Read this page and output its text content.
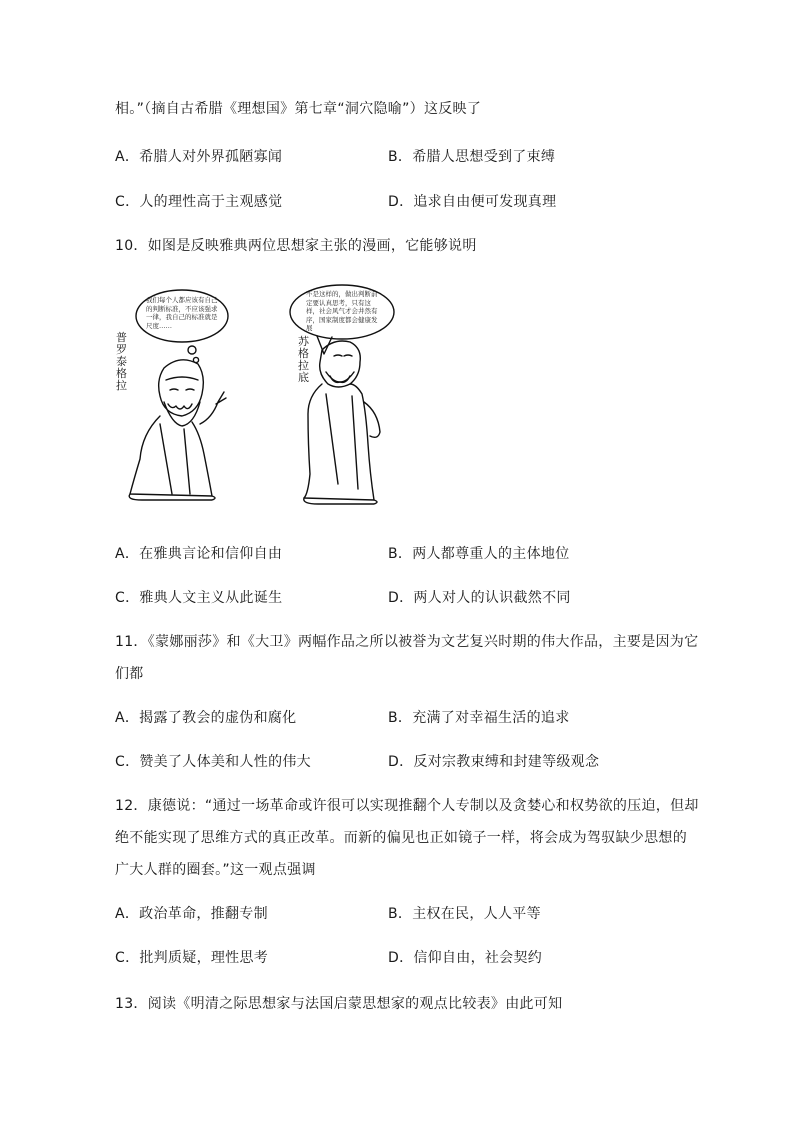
相。”（摘自古希腊《理想国》第七章“洞穴隐喻”）这反映了
A．希腊人对外界孤陋寡闻	B．希腊人思想受到了束缚
C．人的理性高于主观感觉	D．追求自由便可发现真理
10．如图是反映雅典两位思想家主张的漫画，它能够说明
我们每个人都应该有自己的判断标准，不应该强求一律，我自己的标准就是尺度……
不是这样的，做出判断前定要认真思考，只有这样，社会风气才会井然有序，国家制度都会健康发展
普罗泰格拉
苏格拉底
A．在雅典言论和信仰自由	B．两人都尊重人的主体地位
C．雅典人文主义从此诞生	D．两人对人的认识截然不同
11．《蒙娜丽莎》和《大卫》两幅作品之所以被誉为文艺复兴时期的伟大作品，主要是因为它
们都
A．揭露了教会的虚伪和腐化	B．充满了对幸福生活的追求
C．赞美了人体美和人性的伟大	D．反对宗教束缚和封建等级观念
12．康德说：“通过一场革命或许很可以实现推翻个人专制以及贪婪心和权势欲的压迫，但却
绝不能实现了思维方式的真正改革。而新的偏见也正如镜子一样，将会成为驾驭缺少思想的
广大人群的圈套。”这一观点强调
A．政治革命，推翻专制	B．主权在民，人人平等
C．批判质疑，理性思考	D．信仰自由，社会契约
13．阅读《明清之际思想家与法国启蒙思想家的观点比较表》由此可知
